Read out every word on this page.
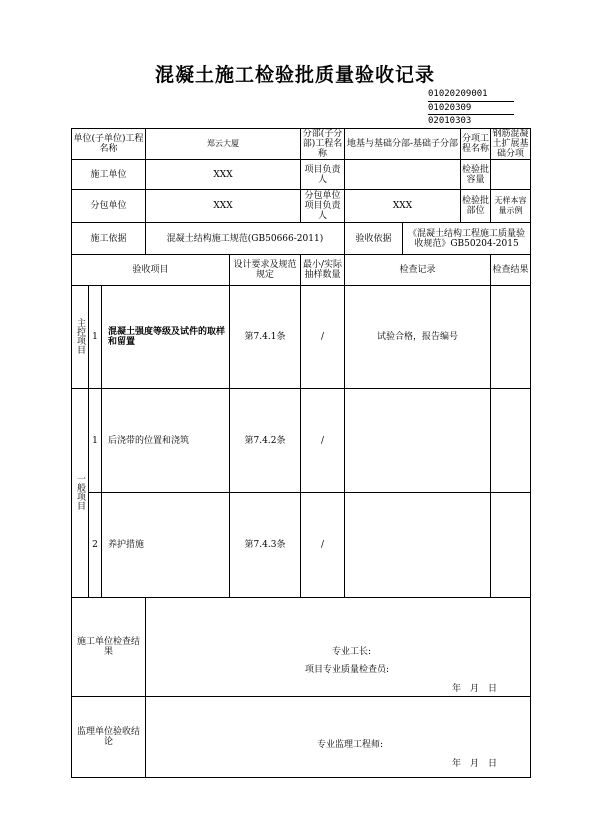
混凝土施工检验批质量验收记录
01020209001
01020309
02010303
单位(子单位)工程名称			郑云大厦		分部(子分部)工程名称	地基与基础分部-基础子分部		分项工程名称	钢筋混凝土扩展基础分项
施工单位			XXX		项目负责人			检验批容量	
分包单位			XXX		分包单位项目负责人	XXX		检验批部位	无样本容量示例
施工依据			混凝土结构施工规范(GB50666-2011)			验收依据	《混凝土结构工程施工质量验收规范》GB50204-2015		
验收项目				设计要求及规范规定	最小/实际抽样数量	检查记录			检查结果
主控项目	1	混凝土强度等级及试件的取样和留置		第7.4.1条	/	试验合格，报告编号			
一般项目	1	后浇带的位置和浇筑		第7.4.2条	/				
	2	养护措施		第7.4.3条	/				
施工单位检查结果			专业工长:
项目专业质量检查员:
年　月　日						

监理单位验收结论			专业监理工程师:
年　月　日						
